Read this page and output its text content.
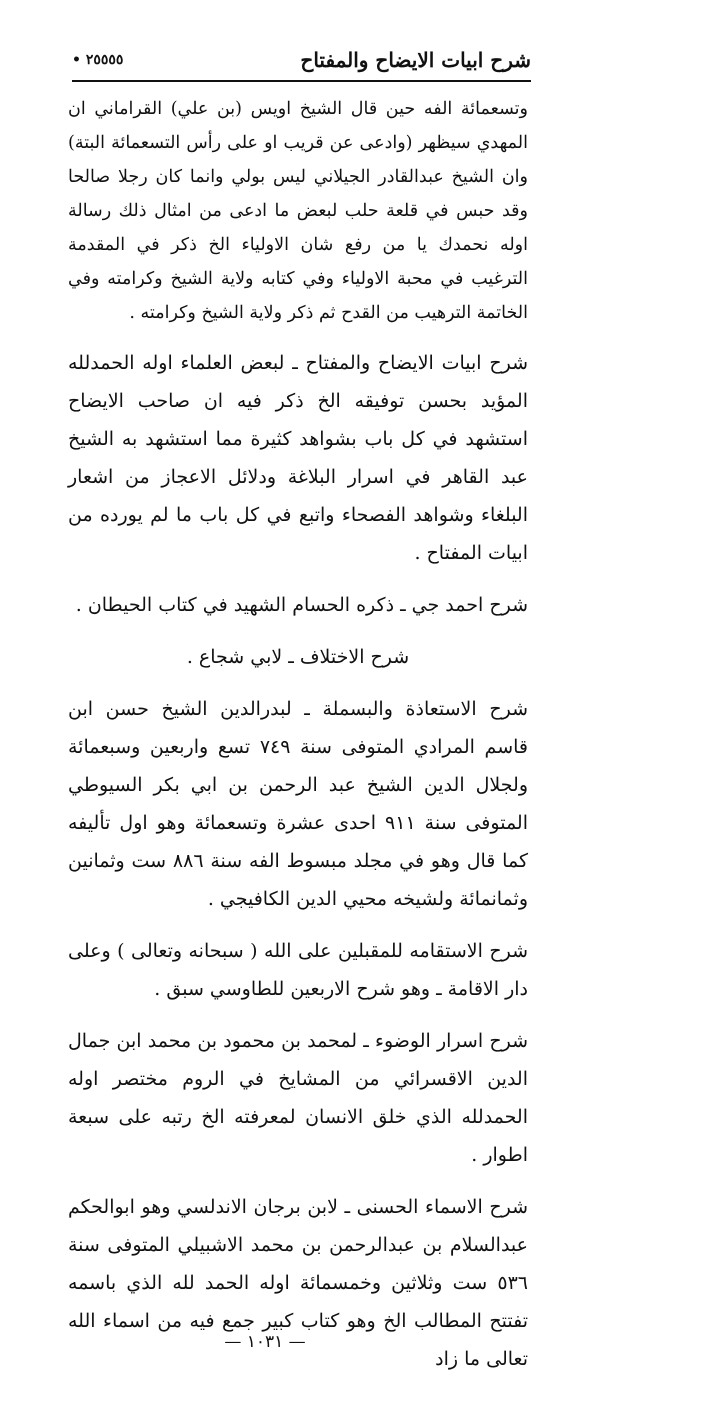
شرح ابيات الايضاح والمفتاح
• ٢٥٥٥٥

وتسعمائة الفه حين قال الشيخ اويس (بن علي) القراماني ان المهدي سيظهر (وادعى عن قريب او على رأس التسعمائة البتة) وان الشيخ عبدالقادر الجيلاني ليس بولي وانما كان رجلا صالحا وقد حبس في قلعة حلب لبعض ما ادعى من امثال ذلك رسالة اوله نحمدك يا من رفع شان الاولياء الخ ذكر في المقدمة الترغيب في محبة الاولياء وفي كتابه ولاية الشيخ وكرامته وفي الخاتمة الترهيب من القدح ثم ذكر ولاية الشيخ وكرامته .

شرح ابيات الايضاح والمفتاح ـ لبعض العلماء اوله الحمدلله المؤيد بحسن توفيقه الخ ذكر فيه ان صاحب الايضاح استشهد في كل باب بشواهد كثيرة مما استشهد به الشيخ عبد القاهر في اسرار البلاغة ودلائل الاعجاز من اشعار البلغاء وشواهد الفصحاء واتبع في كل باب ما لم يورده من ابيات المفتاح .

شرح احمد جي ـ ذكره الحسام الشهيد في كتاب الحيطان .

شرح الاختلاف ـ لابي شجاع .

شرح الاستعاذة والبسملة ـ لبدرالدين الشيخ حسن ابن قاسم المرادي المتوفى سنة ٧٤٩ تسع واربعين وسبعمائة ولجلال الدين الشيخ عبد الرحمن بن ابي بكر السيوطي المتوفى سنة ٩١١ احدى عشرة وتسعمائة وهو اول تأليفه كما قال وهو في مجلد مبسوط الفه سنة ٨٨٦ ست وثمانين وثمانمائة ولشيخه محيي الدين الكافيجي .

شرح الاستقامه للمقبلين على الله ( سبحانه وتعالى ) وعلى دار الاقامة ـ وهو شرح الاربعين للطاوسي سبق .

شرح اسرار الوضوء ـ لمحمد بن محمود بن محمد ابن جمال الدين الاقسرائي من المشايخ في الروم مختصر اوله الحمدلله الذي خلق الانسان لمعرفته الخ رتبه على سبعة اطوار .

شرح الاسماء الحسنى ـ لابن برجان الاندلسي وهو ابوالحكم عبدالسلام بن عبدالرحمن بن محمد الاشبيلي المتوفى سنة ٥٣٦ ست وثلاثين وخمسمائة اوله الحمد لله الذي باسمه تفتتح المطالب الخ وهو كتاب كبير جمع فيه من اسماء الله تعالى ما زاد

— ١٠٣١ —
